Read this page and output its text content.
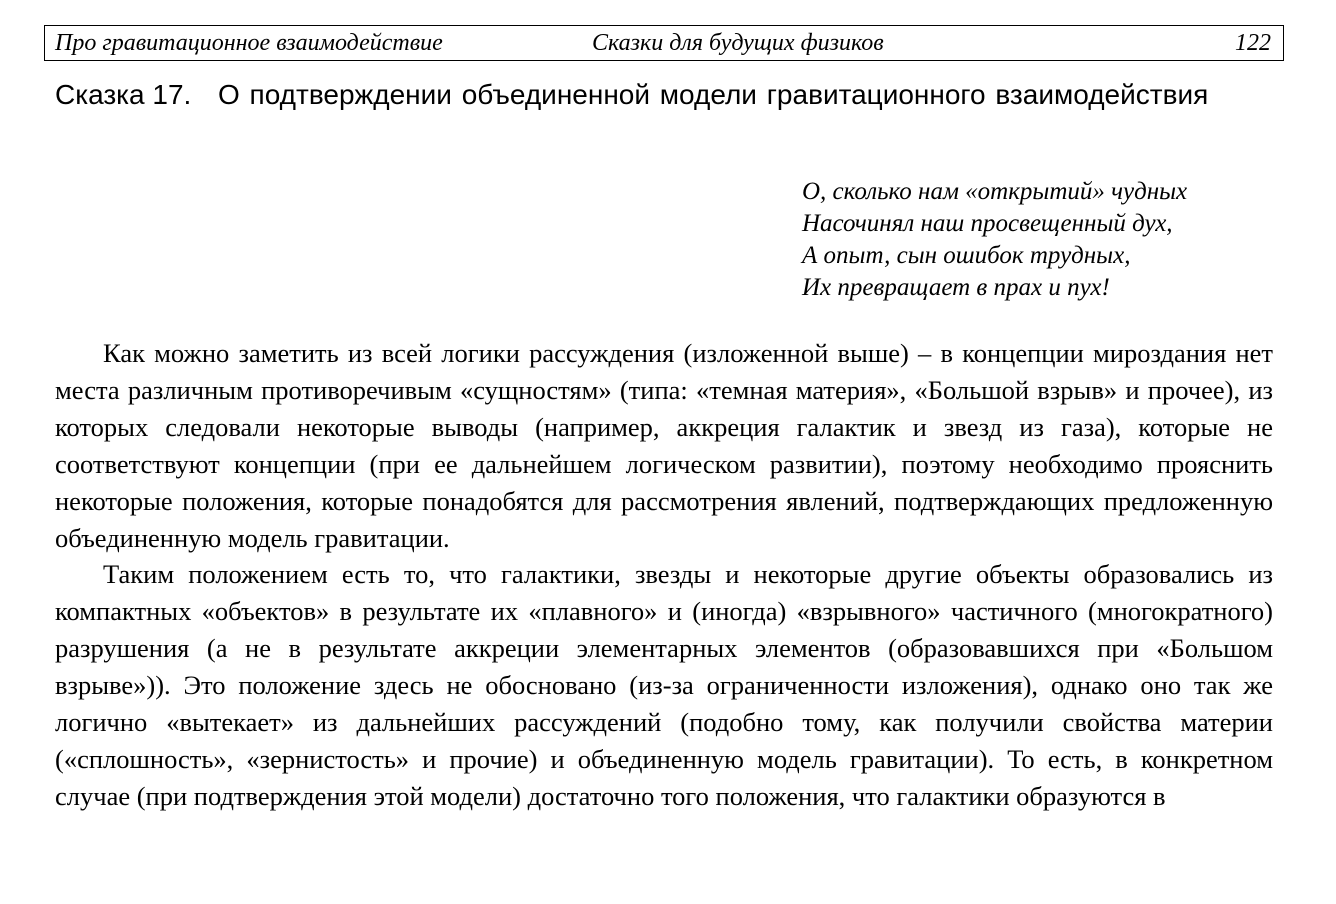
Про гравитационное взаимодействие	Сказки для будущих физиков	122
Сказка 17. О подтверждении объединенной модели гравитационного взаимодействия
О, сколько нам «открытий» чудных
Насочинял наш просвещенный дух,
А опыт, сын ошибок трудных,
Их превращает в прах и пух!

Как можно заметить из всей логики рассуждения (изложенной выше) – в концепции мироздания нет места различным противоречивым «сущностям» (типа: «темная материя», «Большой взрыв» и прочее), из которых следовали некоторые выводы (например, аккреция галактик и звезд из газа), которые не соответствуют концепции (при ее дальнейшем логическом развитии), поэтому необходимо прояснить некоторые положения, которые понадобятся для рассмотрения явлений, подтверждающих предложенную объединенную модель гравитации.

Таким положением есть то, что галактики, звезды и некоторые другие объекты образовались из компактных «объектов» в результате их «плавного» и (иногда) «взрывного» частичного (многократного) разрушения (а не в результате аккреции элементарных элементов (образовавшихся при «Большом взрыве»)). Это положение здесь не обосновано (из-за ограниченности изложения), однако оно так же логично «вытекает» из дальнейших рассуждений (подобно тому, как получили свойства материи («сплошность», «зернистость» и прочие) и объединенную модель гравитации). То есть, в конкретном случае (при подтверждения этой модели) достаточно того положения, что галактики образуются в
